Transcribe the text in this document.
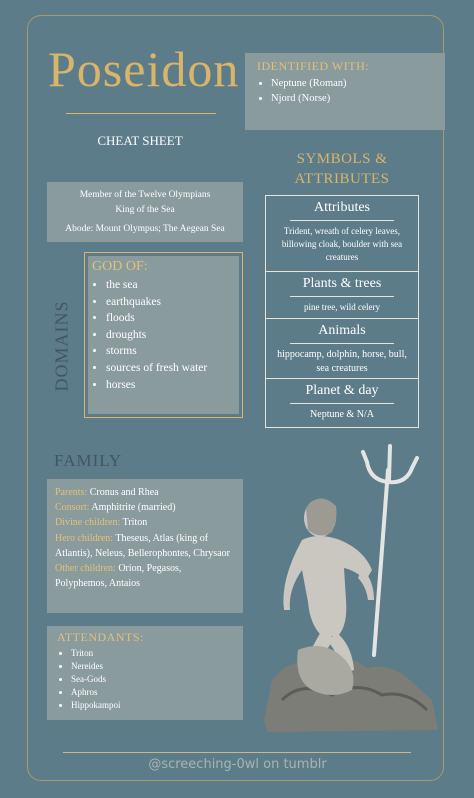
Poseidon
CHEAT SHEET
IDENTIFIED WITH:
• Neptune (Roman)
• Njord (Norse)
Member of the Twelve Olympians
King of the Sea
Abode: Mount Olympus; The Aegean Sea
DOMAINS
GOD OF:
• the sea
• earthquakes
• floods
• droughts
• storms
• sources of fresh water
• horses
SYMBOLS &
ATTRIBUTES
Attributes
Trident, wreath of celery leaves, billowing cloak, boulder with sea creatures
Plants & trees
pine tree, wild celery
Animals
hippocamp, dolphin, horse, bull, sea creatures
Planet & day
Neptune & N/A
FAMILY
Parents: Cronus and Rhea
Consort: Amphitrite (married)
Divine children: Triton
Hero children: Theseus, Atlas (king of Atlantis), Neleus, Bellerophontes, Chrysaor
Other children: Orion, Pegasos, Polyphemos, Antaios
ATTENDANTS:
• Triton
• Nereides
• Sea-Gods
• Aphros
• Hippokampoi
@screeching-0wl on tumblr
